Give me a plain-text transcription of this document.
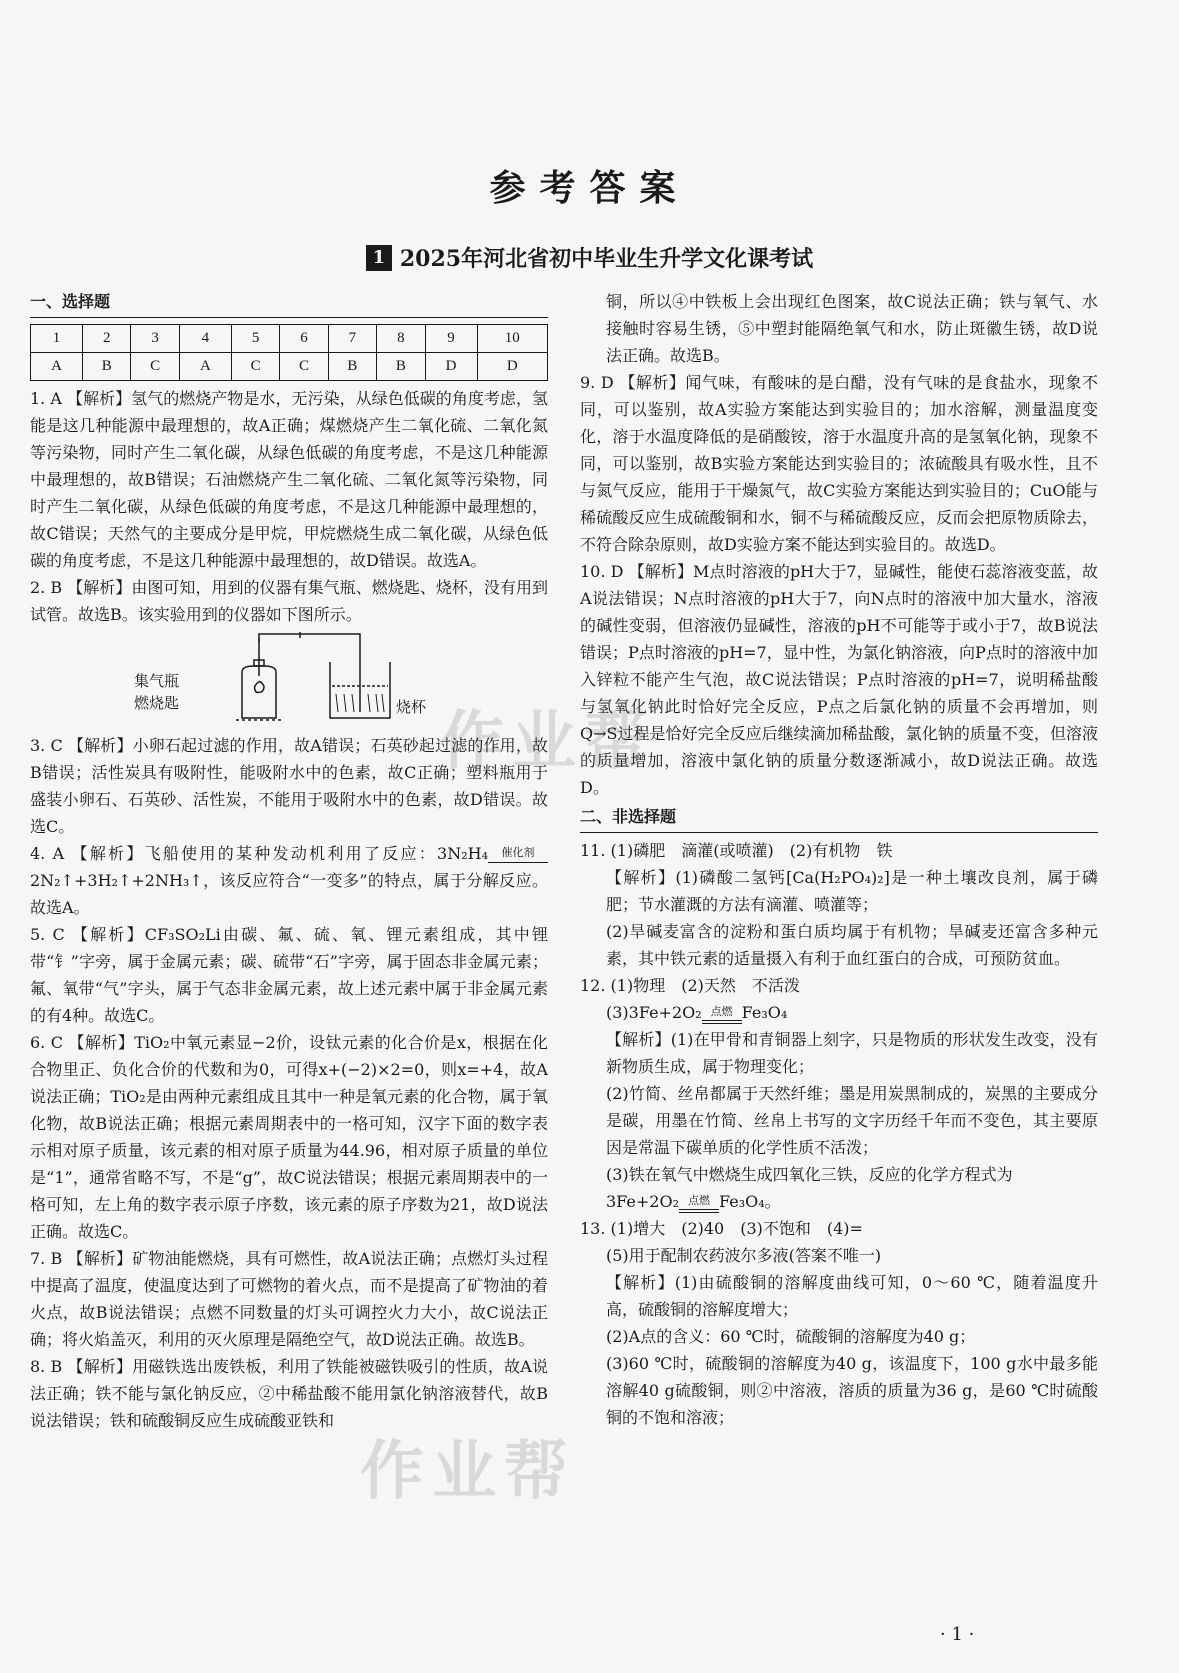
参考答案
1 2025年河北省初中毕业生升学文化课考试

一、选择题

1	2	3	4	5	6	7	8	9	10
A	B	C	A	C	C	B	B	D	D

1. A 【解析】氢气的燃烧产物是水，无污染，从绿色低碳的角度考虑，氢能是这几种能源中最理想的，故A正确；煤燃烧产生二氧化硫、二氧化氮等污染物，同时产生二氧化碳，从绿色低碳的角度考虑，不是这几种能源中最理想的，故B错误；石油燃烧产生二氧化硫、二氧化氮等污染物，同时产生二氧化碳，从绿色低碳的角度考虑，不是这几种能源中最理想的，故C错误；天然气的主要成分是甲烷，甲烷燃烧生成二氧化碳，从绿色低碳的角度考虑，不是这几种能源中最理想的，故D错误。故选A。

2. B 【解析】由图可知，用到的仪器有集气瓶、燃烧匙、烧杯，没有用到试管。故选B。该实验用到的仪器如下图所示。

集气瓶
燃烧匙	烧杯

3. C 【解析】小卵石起过滤的作用，故A错误；石英砂起过滤的作用，故B错误；活性炭具有吸附性，能吸附水中的色素，故C正确；塑料瓶用于盛装小卵石、石英砂、活性炭，不能用于吸附水中的色素，故D错误。故选C。

4. A 【解析】飞船使用的某种发动机利用了反应：3N₂H₄	催化剂
2N₂↑+3H₂↑+2NH₃↑，该反应符合“一变多”的特点，属于分解反应。故选A。

5. C 【解析】CF₃SO₂Li由碳、氟、硫、氧、锂元素组成，其中锂带“钅”字旁，属于金属元素；碳、硫带“石”字旁，属于固态非金属元素；氟、氧带“气”字头，属于气态非金属元素，故上述元素中属于非金属元素的有4种。故选C。

6. C 【解析】TiO₂中氧元素显−2价，设钛元素的化合价是x，根据在化合物里正、负化合价的代数和为0，可得x+(−2)×2=0，则x=+4，故A说法正确；TiO₂是由两种元素组成且其中一种是氧元素的化合物，属于氧化物，故B说法正确；根据元素周期表中的一格可知，汉字下面的数字表示相对原子质量，该元素的相对原子质量为44.96，相对原子质量的单位是“1”，通常省略不写，不是“g”，故C说法错误；根据元素周期表中的一格可知，左上角的数字表示原子序数，该元素的原子序数为21，故D说法正确。故选C。

7. B 【解析】矿物油能燃烧，具有可燃性，故A说法正确；点燃灯头过程中提高了温度，使温度达到了可燃物的着火点，而不是提高了矿物油的着火点，故B说法错误；点燃不同数量的灯头可调控火力大小，故C说法正确；将火焰盖灭，利用的灭火原理是隔绝空气，故D说法正确。故选B。

8. B 【解析】用磁铁选出废铁板，利用了铁能被磁铁吸引的性质，故A说法正确；铁不能与氯化钠反应，②中稀盐酸不能用氯化钠溶液替代，故B说法错误；铁和硫酸铜反应生成硫酸亚铁和

铜，所以④中铁板上会出现红色图案，故C说法正确；铁与氧气、水接触时容易生锈，⑤中塑封能隔绝氧气和水，防止斑徽生锈，故D说法正确。故选B。

9. D 【解析】闻气味，有酸味的是白醋，没有气味的是食盐水，现象不同，可以鉴别，故A实验方案能达到实验目的；加水溶解，测量温度变化，溶于水温度降低的是硝酸铵，溶于水温度升高的是氢氧化钠，现象不同，可以鉴别，故B实验方案能达到实验目的；浓硫酸具有吸水性，且不与氮气反应，能用于干燥氮气，故C实验方案能达到实验目的；CuO能与稀硫酸反应生成硫酸铜和水，铜不与稀硫酸反应，反而会把原物质除去，不符合除杂原则，故D实验方案不能达到实验目的。故选D。

10. D 【解析】M点时溶液的pH大于7，显碱性，能使石蕊溶液变蓝，故A说法错误；N点时溶液的pH大于7，向N点时的溶液中加大量水，溶液的碱性变弱，但溶液仍显碱性，溶液的pH不可能等于或小于7，故B说法错误；P点时溶液的pH=7，显中性，为氯化钠溶液，向P点时的溶液中加入锌粒不能产生气泡，故C说法错误；P点时溶液的pH=7，说明稀盐酸与氢氧化钠此时恰好完全反应，P点之后氯化钠的质量不会再增加，则Q→S过程是恰好完全反应后继续滴加稀盐酸，氯化钠的质量不变，但溶液的质量增加，溶液中氯化钠的质量分数逐渐减小，故D说法正确。故选D。

二、非选择题

11. (1)磷肥　滴灌(或喷灌)　(2)有机物　铁

【解析】(1)磷酸二氢钙[Ca(H₂PO₄)₂]是一种土壤改良剂，属于磷肥；节水灌溉的方法有滴灌、喷灌等；

(2)旱碱麦富含的淀粉和蛋白质均属于有机物；旱碱麦还富含多种元素，其中铁元素的适量摄入有利于血红蛋白的合成，可预防贫血。

12. (1)物理　(2)天然　不活泼

(3)3Fe+2O₂ 点燃 Fe₃O₄

【解析】(1)在甲骨和青铜器上刻字，只是物质的形状发生改变，没有新物质生成，属于物理变化；

(2)竹简、丝帛都属于天然纤维；墨是用炭黑制成的，炭黑的主要成分是碳，用墨在竹简、丝帛上书写的文字历经千年而不变色，其主要原因是常温下碳单质的化学性质不活泼；

(3)铁在氧气中燃烧生成四氧化三铁，反应的化学方程式为

3Fe+2O₂ 点燃 Fe₃O₄。

13. (1)增大　(2)40　(3)不饱和　(4)=

(5)用于配制农药波尔多液(答案不唯一)

【解析】(1)由硫酸铜的溶解度曲线可知，0～60 ℃，随着温度升高，硫酸铜的溶解度增大；

(2)A点的含义：60 ℃时，硫酸铜的溶解度为40 g；

(3)60 ℃时，硫酸铜的溶解度为40 g，该温度下，100 g水中最多能溶解40 g硫酸铜，则②中溶液，溶质的质量为36 g，是60 ℃时硫酸铜的不饱和溶液；

作业帮
作业帮
· 1 ·
